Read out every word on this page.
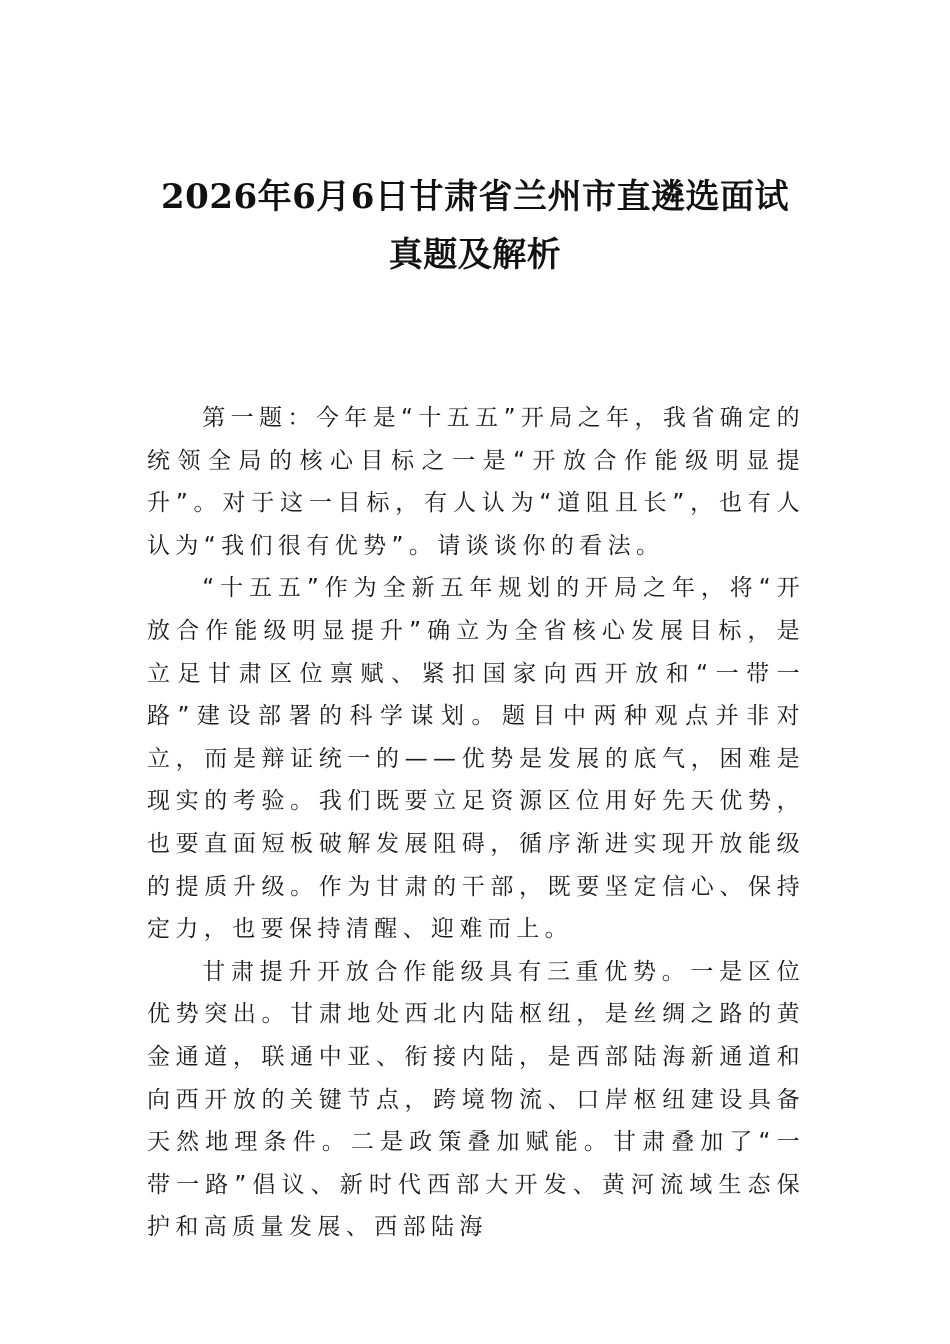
2026年6月6日甘肃省兰州市直遴选面试
真题及解析

第一题：今年是“十五五”开局之年，我省确定的统领全局的核心目标之一是“开放合作能级明显提升”。对于这一目标，有人认为“道阻且长”，也有人认为“我们很有优势”。请谈谈你的看法。

“十五五”作为全新五年规划的开局之年，将“开放合作能级明显提升”确立为全省核心发展目标，是立足甘肃区位禀赋、紧扣国家向西开放和“一带一路”建设部署的科学谋划。题目中两种观点并非对立，而是辩证统一的——优势是发展的底气，困难是现实的考验。我们既要立足资源区位用好先天优势，也要直面短板破解发展阻碍，循序渐进实现开放能级的提质升级。作为甘肃的干部，既要坚定信心、保持定力，也要保持清醒、迎难而上。

甘肃提升开放合作能级具有三重优势。一是区位优势突出。甘肃地处西北内陆枢纽，是丝绸之路的黄金通道，联通中亚、衔接内陆，是西部陆海新通道和向西开放的关键节点，跨境物流、口岸枢纽建设具备天然地理条件。二是政策叠加赋能。甘肃叠加了“一带一路”倡议、新时代西部大开发、黄河流域生态保护和高质量发展、西部陆海
